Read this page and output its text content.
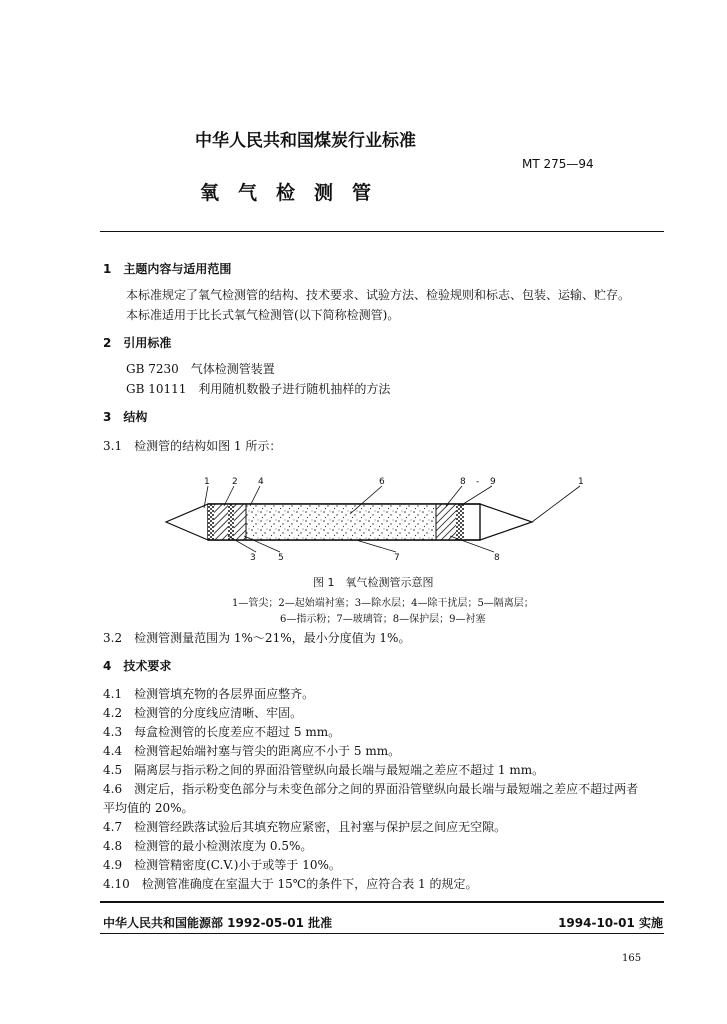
中华人民共和国煤炭行业标准
MT 275—94
氧　气　检　测　管
1　主题内容与适用范围
本标准规定了氧气检测管的结构、技术要求、试验方法、检验规则和标志、包装、运输、贮存。
本标准适用于比长式氧气检测管(以下简称检测管)。
2　引用标准
GB 7230　气体检测管装置
GB 10111　利用随机数骰子进行随机抽样的方法
3　结构
3.1　检测管的结构如图 1 所示：
1 2 4	6	8 - 9	1
3 5	7	8
图 1　氧气检测管示意图
1—管尖；2—起始端衬塞；3—除水层；4—除干扰层；5—隔离层；
6—指示粉；7—玻璃管；8—保护层；9—衬塞
3.2　检测管测量范围为 1%～21%，最小分度值为 1%。
4　技术要求
4.1　检测管填充物的各层界面应整齐。
4.2　检测管的分度线应清晰、牢固。
4.3　每盒检测管的长度差应不超过 5 mm。
4.4　检测管起始端衬塞与管尖的距离应不小于 5 mm。
4.5　隔离层与指示粉之间的界面沿管壁纵向最长端与最短端之差应不超过 1 mm。
4.6　测定后，指示粉变色部分与未变色部分之间的界面沿管壁纵向最长端与最短端之差应不超过两者
平均值的 20%。
4.7　检测管经跌落试验后其填充物应紧密，且衬塞与保护层之间应无空隙。
4.8　检测管的最小检测浓度为 0.5%。
4.9　检测管精密度(C.V.)小于或等于 10%。
4.10　检测管准确度在室温大于 15℃的条件下，应符合表 1 的规定。
中华人民共和国能源部 1992-05-01 批准	1994-10-01 实施
165
